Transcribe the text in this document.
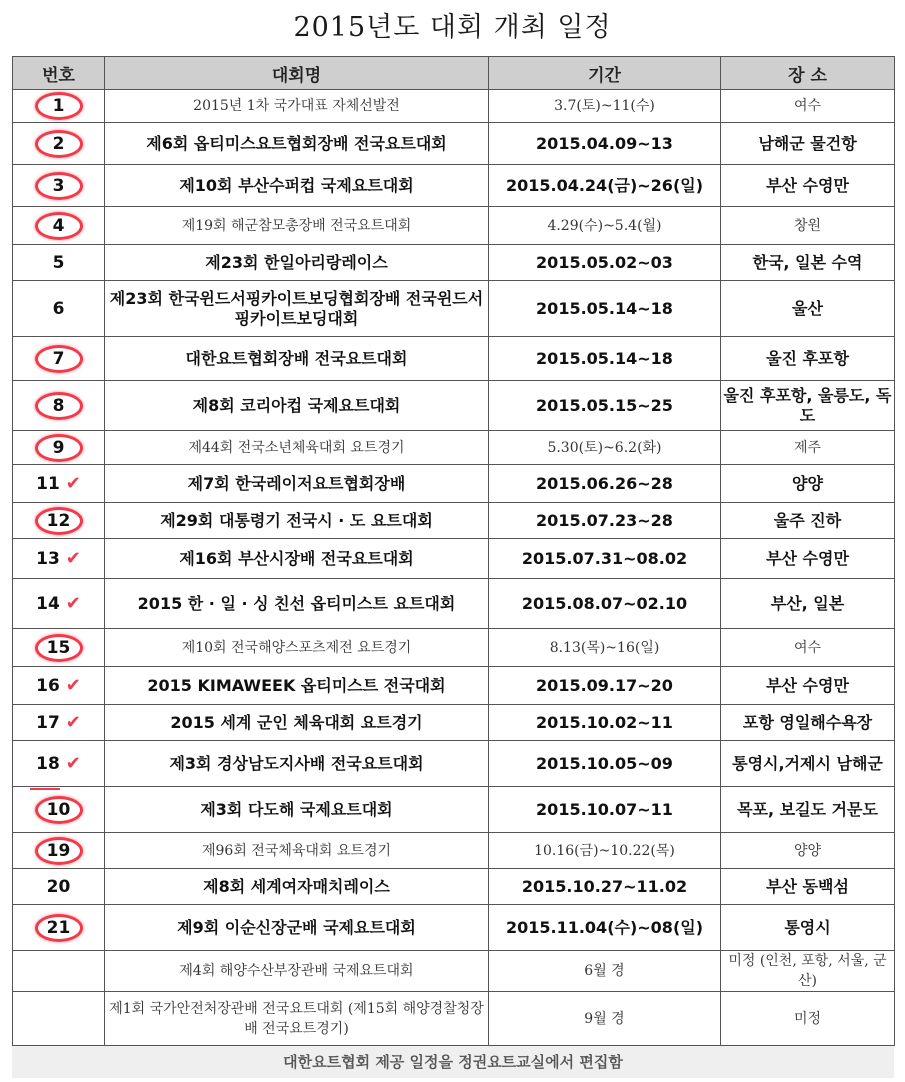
2015년도 대회 개최 일정
번호	대회명	기간	장 소
1	2015년 1차 국가대표 자체선발전	3.7(토)~11(수)	여수
2	제6회 옵티미스요트협회장배 전국요트대회	2015.04.09~13	남해군 물건항
3	제10회 부산수퍼컵 국제요트대회	2015.04.24(금)~26(일)	부산 수영만
4	제19회 해군참모총장배 전국요트대회	4.29(수)~5.4(월)	창원
5	제23회 한일아리랑레이스	2015.05.02~03	한국, 일본 수역
6	제23회 한국윈드서핑카이트보딩협회장배 전국윈드서핑카이트보딩대회	2015.05.14~18	울산
7	대한요트협회장배 전국요트대회	2015.05.14~18	울진 후포항
8	제8회 코리아컵 국제요트대회	2015.05.15~25	울진 후포항, 울릉도, 독도
9	제44회 전국소년체육대회 요트경기	5.30(토)~6.2(화)	제주
11 ✔	제7회 한국레이저요트협회장배	2015.06.26~28	양양
12	제29회 대통령기 전국시 · 도 요트대회	2015.07.23~28	울주 진하
13 ✔	제16회 부산시장배 전국요트대회	2015.07.31~08.02	부산 수영만
14 ✔	2015 한 · 일 · 싱 친선 옵티미스트 요트대회	2015.08.07~02.10	부산, 일본
15	제10회 전국해양스포츠제전 요트경기	8.13(목)~16(일)	여수
16 ✔	2015 KIMAWEEK 옵티미스트 전국대회	2015.09.17~20	부산 수영만
17 ✔	2015 세계 군인 체육대회 요트경기	2015.10.02~11	포항 영일해수욕장
18 ✔	제3회 경상남도지사배 전국요트대회	2015.10.05~09	통영시,거제시 남해군
10	제3회 다도해 국제요트대회	2015.10.07~11	목포, 보길도 거문도
19	제96회 전국체육대회 요트경기	10.16(금)~10.22(목)	양양
20	제8회 세계여자매치레이스	2015.10.27~11.02	부산 동백섬
21	제9회 이순신장군배 국제요트대회	2015.11.04(수)~08(일)	통영시
	제4회 해양수산부장관배 국제요트대회	6월 경	미정 (인천, 포항, 서울, 군산)
	제1회 국가안전처장관배 전국요트대회 (제15회 해양경찰청장배 전국요트경기)	9월 경	미정
대한요트협회 제공 일정을 정권요트교실에서 편집함
